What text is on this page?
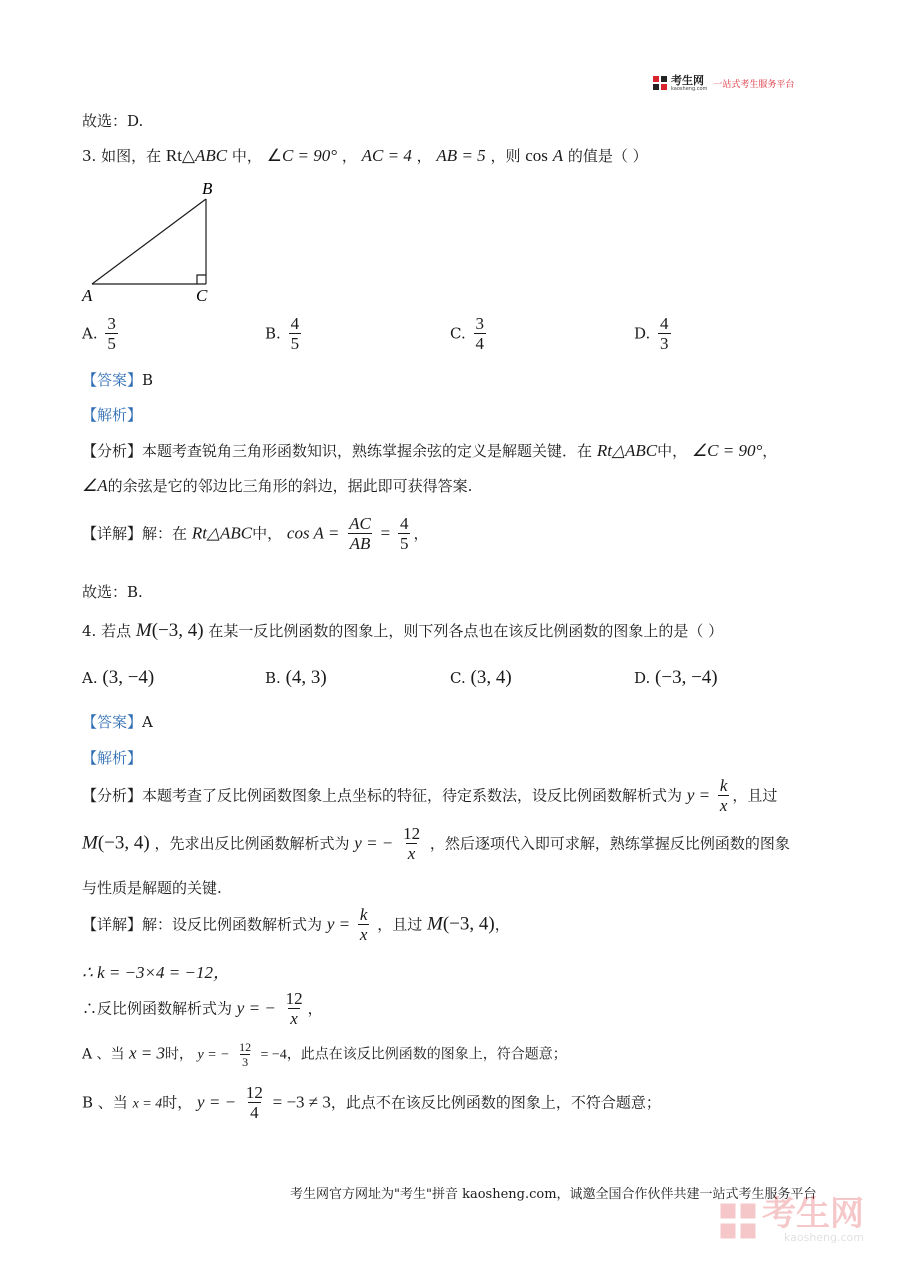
考生网
kaosheng.com 一站式考生服务平台
故选：D.
3. 如图，在 Rt△ABC 中， ∠C = 90° ， AC = 4 ， AB = 5 ，则 cos A 的值是（ ）
B
A	C
A. $\frac{3}{5}$	B. $\frac{4}{5}$	C. $\frac{3}{4}$	D. $\frac{4}{3}$
【答案】B
【解析】
【分析】本题考查锐角三角形函数知识，熟练掌握余弦的定义是解题关键．在 Rt△ABC中， ∠C = 90°，
∠A的余弦是它的邻边比三角形的斜边，据此即可获得答案.
【详解】解：在 Rt△ABC中， $\cos A = \frac{AC}{AB} = \frac{4}{5}$ ，
故选：B.
4. 若点 M(−3, 4) 在某一反比例函数的图象上，则下列各点也在该反比例函数的图象上的是（ ）
A. (3, −4)	B. (4, 3)	C. (3, 4)	D. (−3, −4)
【答案】A
【解析】
【分析】本题考查了反比例函数图象上点坐标的特征，待定系数法，设反比例函数解析式为 $y = \frac{k}{x}$ ，且过
M(−3, 4) ，先求出反比例函数解析式为 y = − $\frac{12}{x}$ ，然后逐项代入即可求解，熟练掌握反比例函数的图象
与性质是解题的关键.
【详解】解：设反比例函数解析式为 $y = \frac{k}{x}$ ，且过 M(−3, 4)，
∴ k = −3×4 = −12，
∴反比例函数解析式为 y = − $\frac{12}{x}$ ，
A 、当 x = 3时， y = − $\frac{12}{3} = -4$，此点在该反比例函数的图象上，符合题意；
B 、当 x = 4时， y = − $\frac{12}{4} = -3 \ne 3$，此点不在该反比例函数的图象上，不符合题意；
考生网官方网址为"考生"拼音 kaosheng.com，诚邀全国合作伙伴共建一站式考生服务平台
考生网
kaosheng.com
